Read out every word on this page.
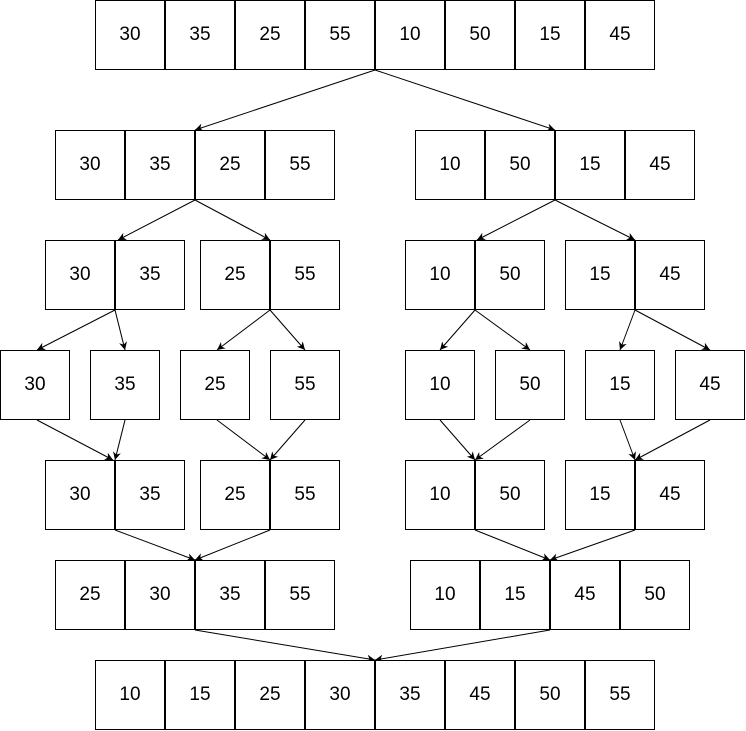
30	35	25	55	10	50	15	45
30	35	25	55	10	50	15	45
30	35	25	55	10	50	15	45
30	35	25	55	10	50	15	45
30	35	25	55	10	50	15	45
25	30	35	55	10	15	45	50
10	15	25	30	35	45	50	55
